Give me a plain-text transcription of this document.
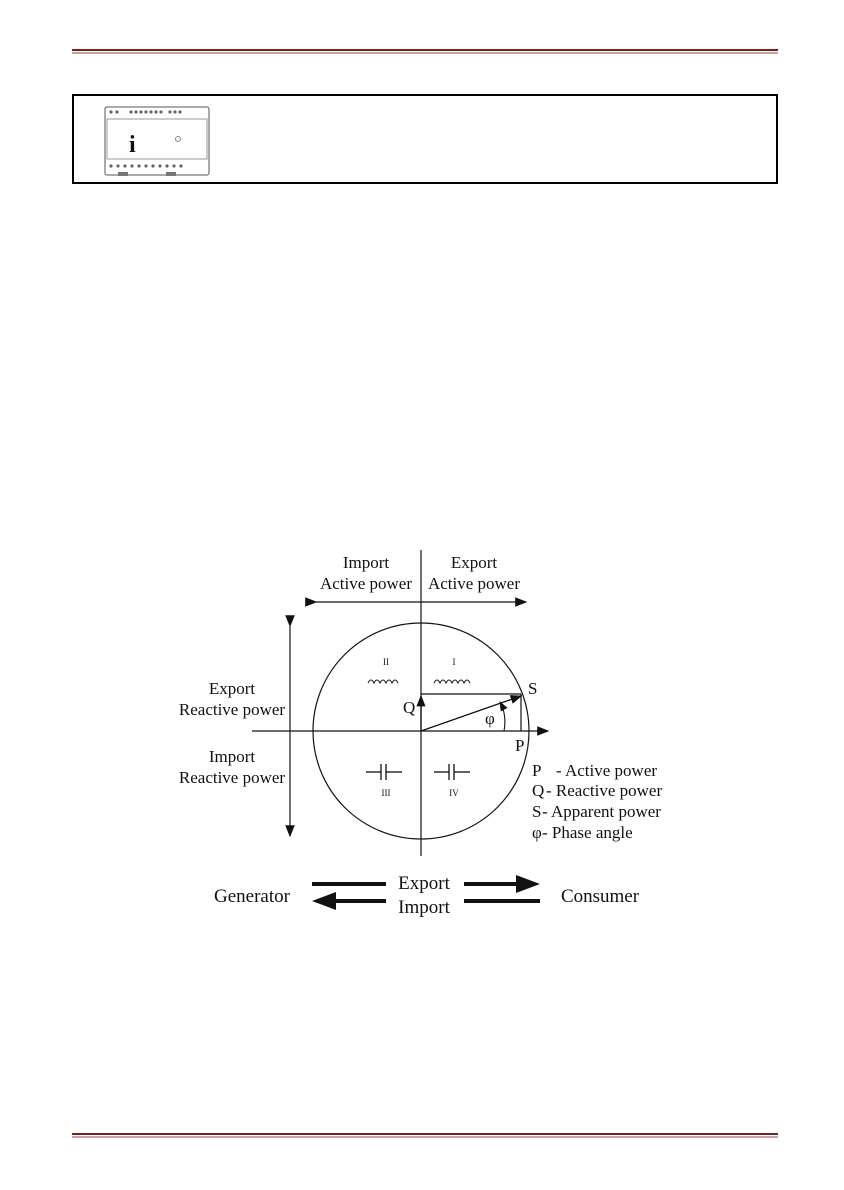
i
Import
Active power
Export
Active power
Export
Reactive power
Import
Reactive power
II	I
III	IV
S
Q
P
φ
P - Active power
Q - Reactive power
S - Apparent power
φ - Phase angle
Generator	Consumer
Export
Import
